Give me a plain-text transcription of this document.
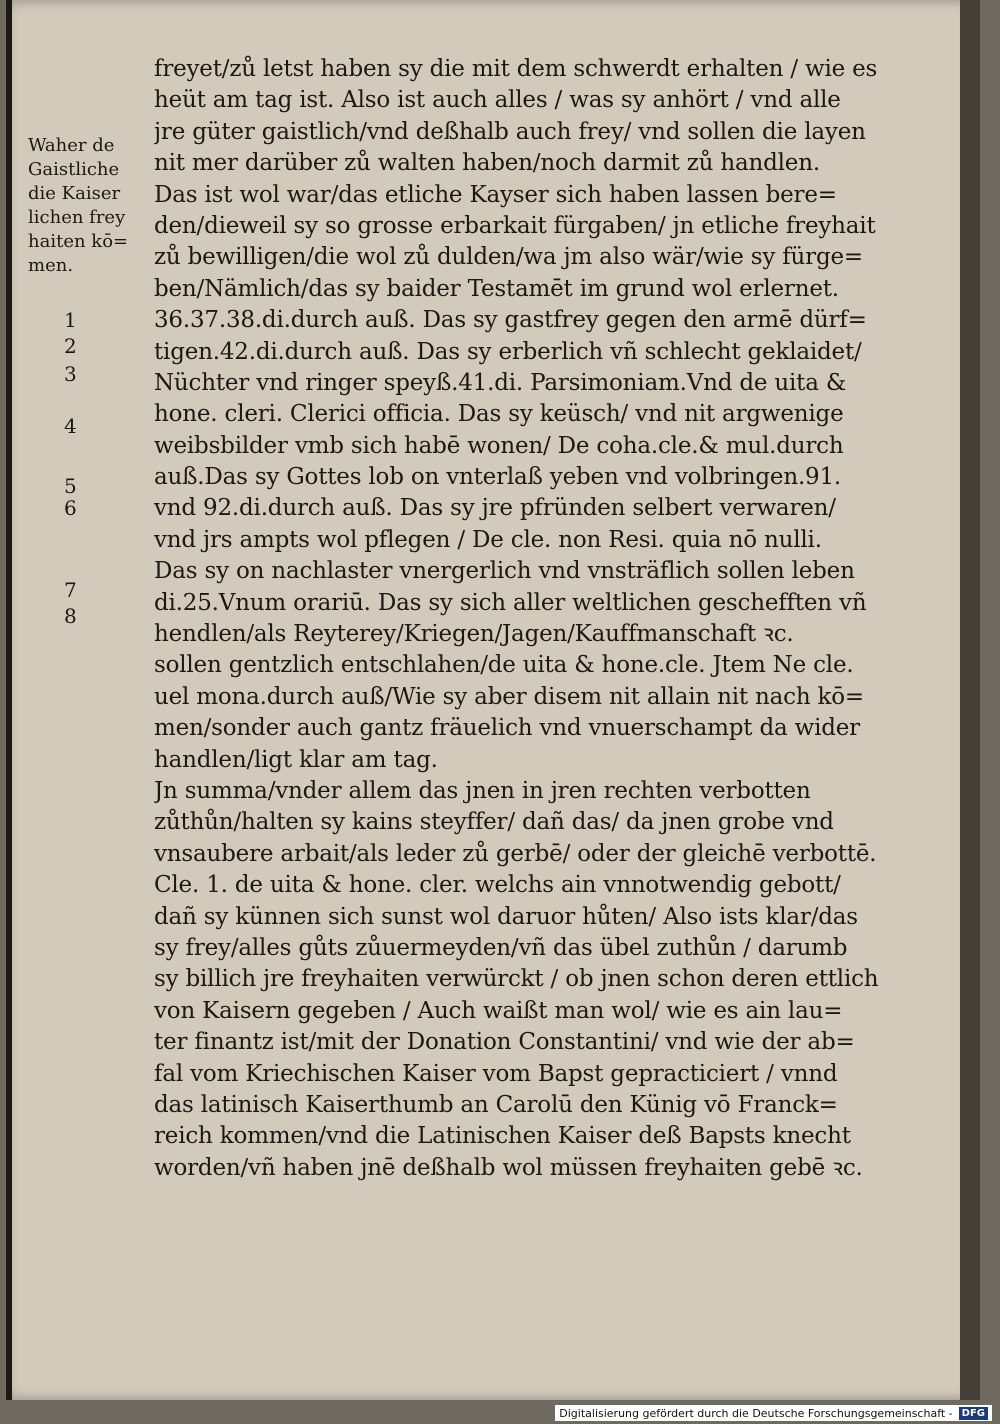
Waher de
Gaistliche
die Kaiser
lichen frey
haiten kō=
men.
1
2
3
4
5
6
7
8
freyet/zů letst haben sy die mit dem schwerdt erhalten / wie es
heüt am tag ist. Also ist auch alles / was sy anhört / vnd alle
jre güter gaistlich/vnd deßhalb auch frey/ vnd sollen die layen
nit mer darüber zů walten haben/noch darmit zů handlen.
Das ist wol war/das etliche Kayser sich haben lassen bere=
den/dieweil sy so grosse erbarkait fürgaben/ jn etliche freyhait
zů bewilligen/die wol zů dulden/wa jm also wär/wie sy fürge=
ben/Nämlich/das sy baider Testamēt im grund wol erlernet.
36.37.38.di.durch auß. Das sy gastfrey gegen den armē dürf=
tigen.42.di.durch auß. Das sy erberlich vñ schlecht geklaidet/
Nüchter vnd ringer speyß.41.di. Parsimoniam.Vnd de uita &
hone. cleri. Clerici officia. Das sy keüsch/ vnd nit argwenige
weibsbilder vmb sich habē wonen/ De coha.cle.& mul.durch
auß.Das sy Gottes lob on vnterlaß yeben vnd volbringen.91.
vnd 92.di.durch auß. Das sy jre pfründen selbert verwaren/
vnd jrs ampts wol pflegen / De cle. non Resi. quia nō nulli.
Das sy on nachlaster vnergerlich vnd vnsträflich sollen leben
di.25.Vnum orariū. Das sy sich aller weltlichen geschefften vñ
hendlen/als Reyterey/Kriegen/Jagen/Kauffmanschaft ꝛc.
sollen gentzlich entschlahen/de uita & hone.cle. Jtem Ne cle.
uel mona.durch auß/Wie sy aber disem nit allain nit nach kō=
men/sonder auch gantz fräuelich vnd vnuerschampt da wider
handlen/ligt klar am tag.
Jn summa/vnder allem das jnen in jren rechten verbotten
zůthůn/halten sy kains steyffer/ dañ das/ da jnen grobe vnd
vnsaubere arbait/als leder zů gerbē/ oder der gleichē verbottē.
Cle. 1. de uita & hone. cler. welchs ain vnnotwendig gebott/
dañ sy künnen sich sunst wol daruor hůten/ Also ists klar/das
sy frey/alles gůts zůuermeyden/vñ das übel zuthůn / darumb
sy billich jre freyhaiten verwürckt / ob jnen schon deren ettlich
von Kaisern gegeben / Auch waißt man wol/ wie es ain lau=
ter finantz ist/mit der Donation Constantini/ vnd wie der ab=
fal vom Kriechischen Kaiser vom Bapst gepracticiert / vnnd
das latinisch Kaiserthumb an Carolū den Künig vō Franck=
reich kommen/vnd die Latinischen Kaiser deß Bapsts knecht
worden/vñ haben jnē deßhalb wol müssen freyhaiten gebē ꝛc.
Digitalisierung gefördert durch die Deutsche Forschungsgemeinschaft - DFG
